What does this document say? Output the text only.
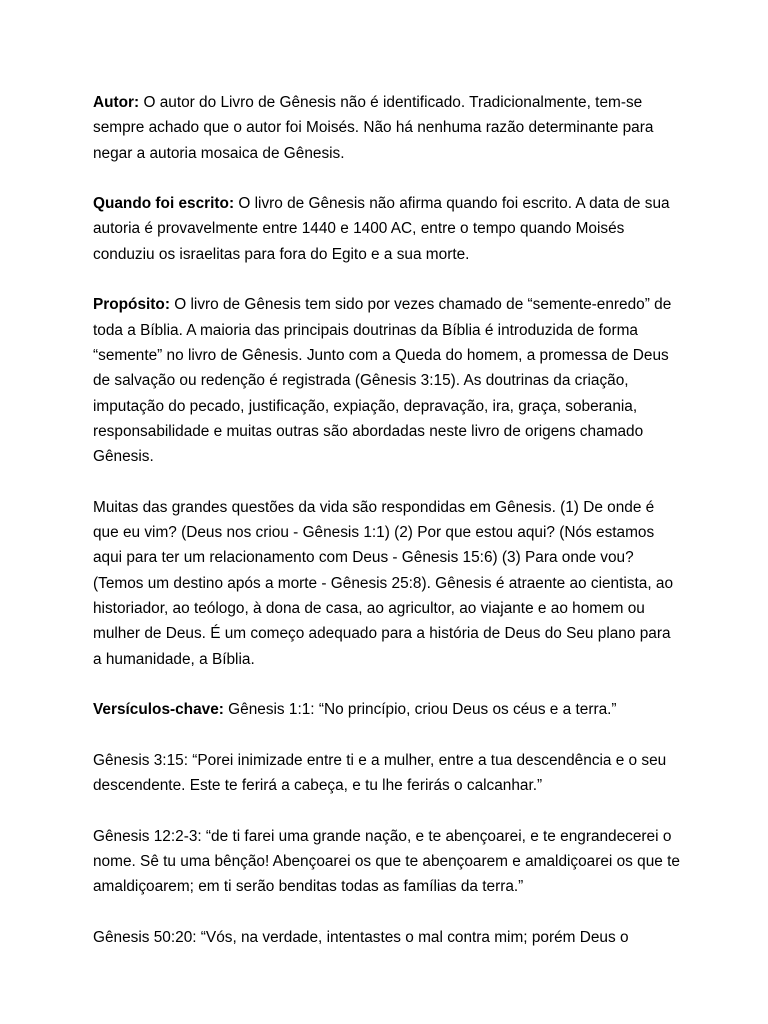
Autor: O autor do Livro de Gênesis não é identificado. Tradicionalmente, tem-se sempre achado que o autor foi Moisés. Não há nenhuma razão determinante para negar a autoria mosaica de Gênesis.

Quando foi escrito: O livro de Gênesis não afirma quando foi escrito. A data de sua autoria é provavelmente entre 1440 e 1400 AC, entre o tempo quando Moisés conduziu os israelitas para fora do Egito e a sua morte.

Propósito: O livro de Gênesis tem sido por vezes chamado de “semente-enredo” de toda a Bíblia. A maioria das principais doutrinas da Bíblia é introduzida de forma “semente” no livro de Gênesis. Junto com a Queda do homem, a promessa de Deus de salvação ou redenção é registrada (Gênesis 3:15). As doutrinas da criação, imputação do pecado, justificação, expiação, depravação, ira, graça, soberania, responsabilidade e muitas outras são abordadas neste livro de origens chamado Gênesis.

Muitas das grandes questões da vida são respondidas em Gênesis. (1) De onde é que eu vim? (Deus nos criou - Gênesis 1:1) (2) Por que estou aqui? (Nós estamos aqui para ter um relacionamento com Deus - Gênesis 15:6) (3) Para onde vou? (Temos um destino após a morte - Gênesis 25:8). Gênesis é atraente ao cientista, ao historiador, ao teólogo, à dona de casa, ao agricultor, ao viajante e ao homem ou mulher de Deus. É um começo adequado para a história de Deus do Seu plano para a humanidade, a Bíblia.

Versículos-chave: Gênesis 1:1: “No princípio, criou Deus os céus e a terra.”

Gênesis 3:15: “Porei inimizade entre ti e a mulher, entre a tua descendência e o seu descendente. Este te ferirá a cabeça, e tu lhe ferirás o calcanhar.”

Gênesis 12:2-3: “de ti farei uma grande nação, e te abençoarei, e te engrandecerei o nome. Sê tu uma bênção! Abençoarei os que te abençoarem e amaldiçoarei os que te amaldiçoarem; em ti serão benditas todas as famílias da terra.”

Gênesis 50:20: “Vós, na verdade, intentastes o mal contra mim; porém Deus o
